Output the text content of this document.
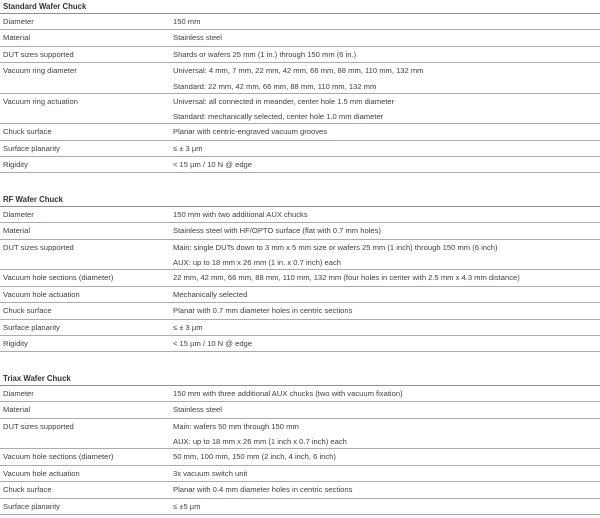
Standard Wafer Chuck
Diameter	150 mm
Material	Stainless steel
DUT sizes supported	Shards or wafers 25 mm (1 in.) through 150 mm (6 in.)
Vacuum ring diameter	Universal: 4 mm, 7 mm, 22 mm, 42 mm, 66 mm, 88 mm, 110 mm, 132 mm
Standard: 22 mm, 42 mm, 66 mm, 88 mm, 110 mm, 132 mm
Vacuum ring actuation	Universal: all connected in meander, center hole 1.5 mm diameter
Standard: mechanically selected, center hole 1.0 mm diameter
Chuck surface	Planar with centric-engraved vacuum grooves
Surface planarity	≤ ± 3 µm
Rigidity	< 15 µm / 10 N @ edge
RF Wafer Chuck
Diameter	150 mm with two additional AUX chucks
Material	Stainless steel with HF/OPTO surface (flat with 0.7 mm holes)
DUT sizes supported	Main: single DUTs down to 3 mm x 5 mm size or wafers 25 mm (1 inch) through 150 mm (6 inch)
AUX: up to 18 mm x 26 mm (1 in. x 0.7 inch) each
Vacuum hole sections (diameter)	22 mm, 42 mm, 66 mm, 88 mm, 110 mm, 132 mm (four holes in center with 2.5 mm x 4.3 mm distance)
Vacuum hole actuation	Mechanically selected
Chuck surface	Planar with 0.7 mm diameter holes in centric sections
Surface planarity	≤ ± 3 µm
Rigidity	< 15 µm / 10 N @ edge
Triax Wafer Chuck
Diameter	150 mm with three additional AUX chucks (two with vacuum fixation)
Material	Stainless steel
DUT sizes supported	Main: wafers 50 mm through 150 mm
AUX: up to 18 mm x 26 mm (1 inch x 0.7 inch) each
Vacuum hole sections (diameter)	50 mm, 100 mm, 150 mm (2 inch, 4 inch, 6 inch)
Vacuum hole actuation	3x vacuum switch unit
Chuck surface	Planar with 0.4 mm diameter holes in centric sections
Surface planarity	≤ ±5 µm
